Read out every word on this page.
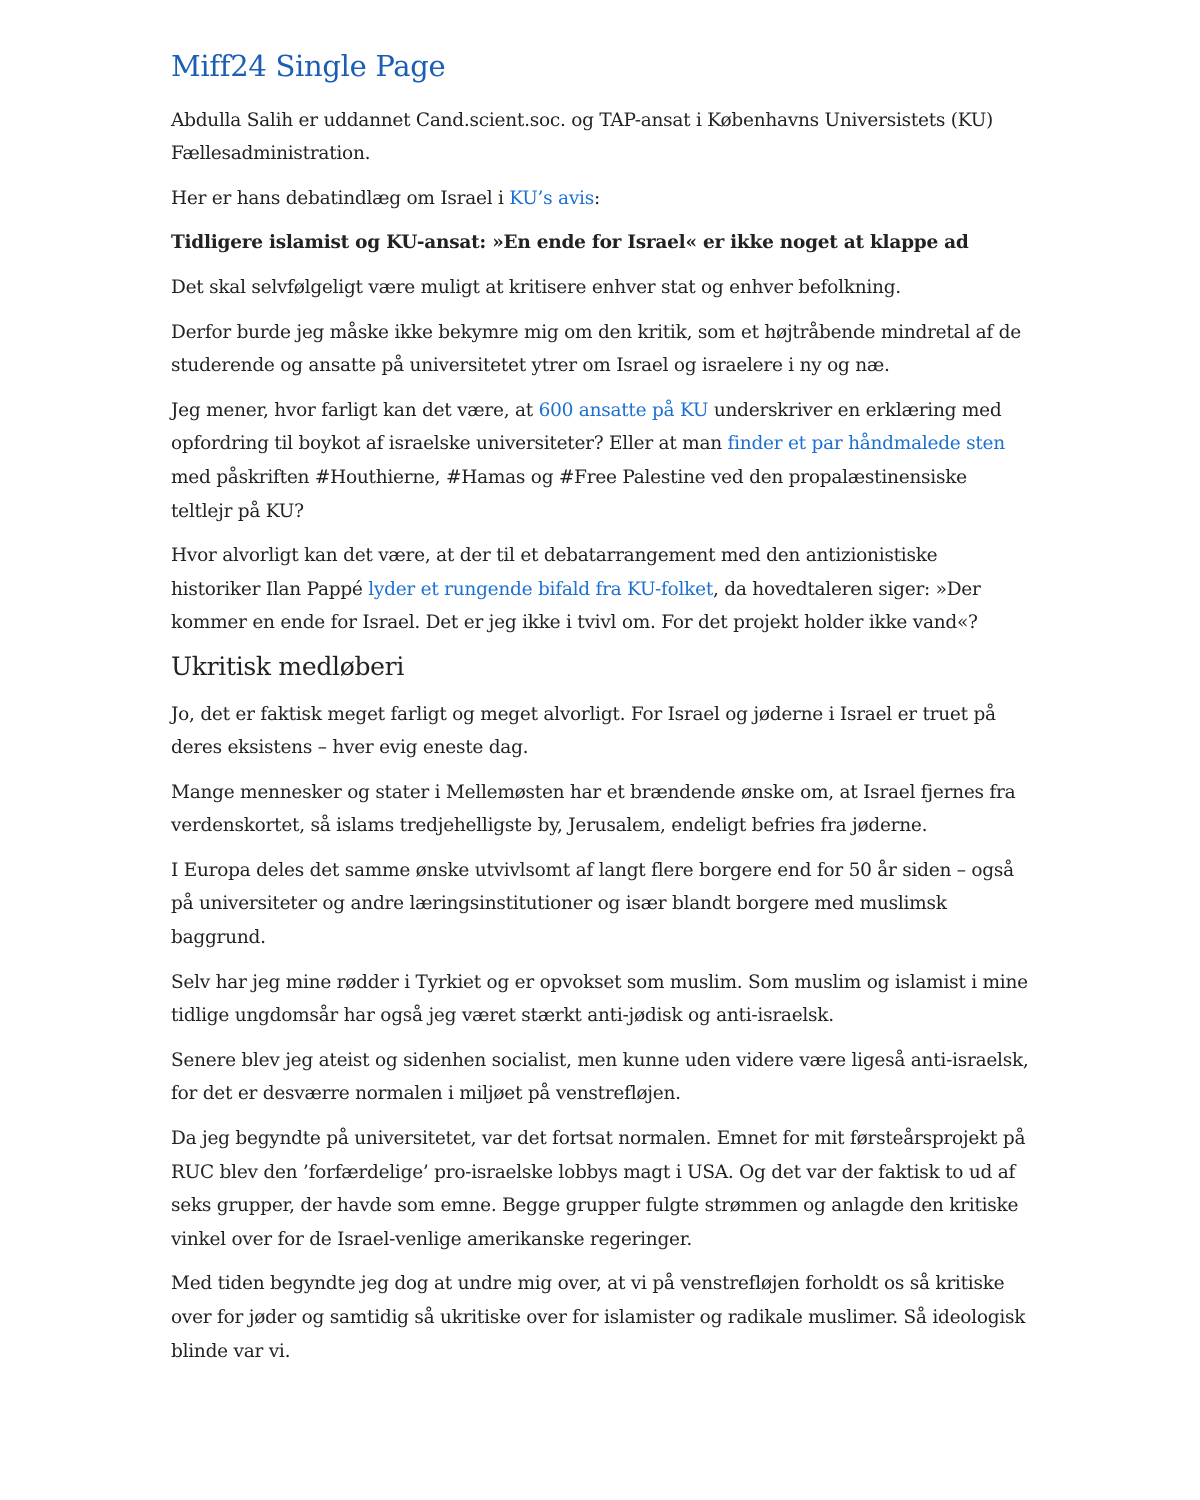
Miff24 Single Page

Abdulla Salih er uddannet Cand.scient.soc. og TAP-ansat i Københavns Universistets (KU) Fællesadministration.

Her er hans debatindlæg om Israel i KU’s avis:

Tidligere islamist og KU-ansat: »En ende for Israel« er ikke noget at klappe ad

Det skal selvfølgeligt være muligt at kritisere enhver stat og enhver befolkning.

Derfor burde jeg måske ikke bekymre mig om den kritik, som et højtråbende mindretal af de studerende og ansatte på universitetet ytrer om Israel og israelere i ny og næ.

Jeg mener, hvor farligt kan det være, at 600 ansatte på KU underskriver en erklæring med opfordring til boykot af israelske universiteter? Eller at man finder et par håndmalede sten med påskriften #Houthierne, #Hamas og #Free Palestine ved den propalæstinensiske teltlejr på KU?

Hvor alvorligt kan det være, at der til et debatarrangement med den antizionistiske historiker Ilan Pappé lyder et rungende bifald fra KU-folket, da hovedtaleren siger: »Der kommer en ende for Israel. Det er jeg ikke i tvivl om. For det projekt holder ikke vand«?

Ukritisk medløberi

Jo, det er faktisk meget farligt og meget alvorligt. For Israel og jøderne i Israel er truet på deres eksistens – hver evig eneste dag.

Mange mennesker og stater i Mellemøsten har et brændende ønske om, at Israel fjernes fra verdenskortet, så islams tredjehelligste by, Jerusalem, endeligt befries fra jøderne.

I Europa deles det samme ønske utvivlsomt af langt flere borgere end for 50 år siden – også på universiteter og andre læringsinstitutioner og især blandt borgere med muslimsk baggrund.

Selv har jeg mine rødder i Tyrkiet og er opvokset som muslim. Som muslim og islamist i mine tidlige ungdomsår har også jeg været stærkt anti-jødisk og anti-israelsk.

Senere blev jeg ateist og sidenhen socialist, men kunne uden videre være ligeså anti-israelsk, for det er desværre normalen i miljøet på venstrefløjen.

Da jeg begyndte på universitetet, var det fortsat normalen. Emnet for mit førsteårsprojekt på RUC blev den ’forfærdelige’ pro-israelske lobbys magt i USA. Og det var der faktisk to ud af seks grupper, der havde som emne. Begge grupper fulgte strømmen og anlagde den kritiske vinkel over for de Israel-venlige amerikanske regeringer.

Med tiden begyndte jeg dog at undre mig over, at vi på venstrefløjen forholdt os så kritiske over for jøder og samtidig så ukritiske over for islamister og radikale muslimer. Så ideologisk blinde var vi.
